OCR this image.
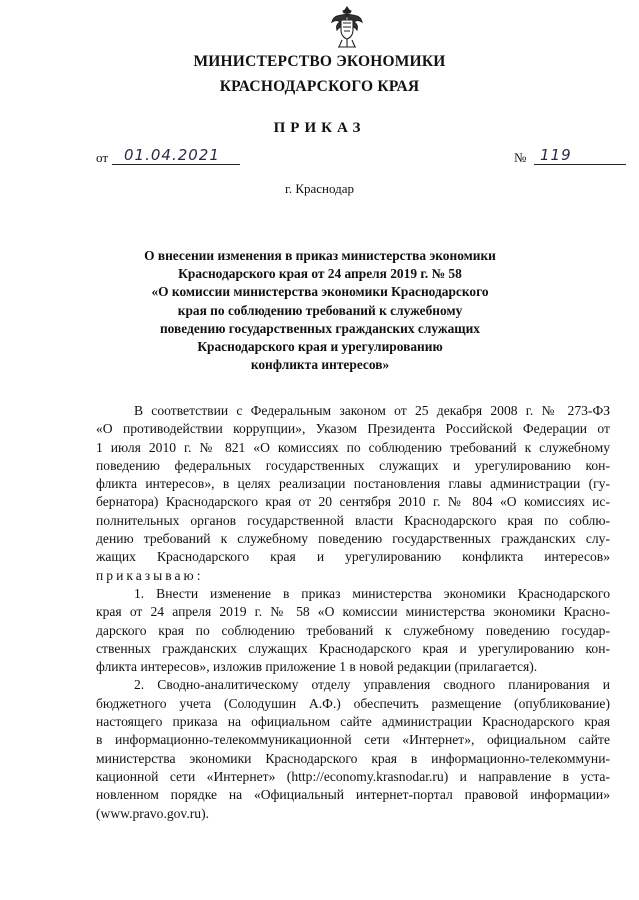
МИНИСТЕРСТВО ЭКОНОМИКИ
КРАСНОДАРСКОГО КРАЯ
ПРИКАЗ
от 01.04.2021	№ 119
г. Краснодар
О внесении изменения в приказ министерства экономики
Краснодарского края от 24 апреля 2019 г. № 58
«О комиссии министерства экономики Краснодарского
края по соблюдению требований к служебному
поведению государственных гражданских служащих
Краснодарского края и урегулированию
конфликта интересов»
В соответствии с Федеральным законом от 25 декабря 2008 г. № 273-ФЗ
«О противодействии коррупции», Указом Президента Российской Федерации от
1 июля 2010 г. № 821 «О комиссиях по соблюдению требований к служебному
поведению федеральных государственных служащих и урегулированию кон-
фликта интересов», в целях реализации постановления главы администрации (гу-
бернатора) Краснодарского края от 20 сентября 2010 г. № 804 «О комиссиях ис-
полнительных органов государственной власти Краснодарского края по соблю-
дению требований к служебному поведению государственных гражданских слу-
жащих Краснодарского края и урегулированию конфликта интересов»
приказываю:
1. Внести изменение в приказ министерства экономики Краснодарского
края от 24 апреля 2019 г. № 58 «О комиссии министерства экономики Красно-
дарского края по соблюдению требований к служебному поведению государ-
ственных гражданских служащих Краснодарского края и урегулированию кон-
фликта интересов», изложив приложение 1 в новой редакции (прилагается).
2. Сводно-аналитическому отделу управления сводного планирования и
бюджетного учета (Солодушин А.Ф.) обеспечить размещение (опубликование)
настоящего приказа на официальном сайте администрации Краснодарского края
в информационно-телекоммуникационной сети «Интернет», официальном сайте
министерства экономики Краснодарского края в информационно-телекоммуни-
кационной сети «Интернет» (http://economy.krasnodar.ru) и направление в уста-
новленном порядке на «Официальный интернет-портал правовой информации»
(www.pravo.gov.ru).
